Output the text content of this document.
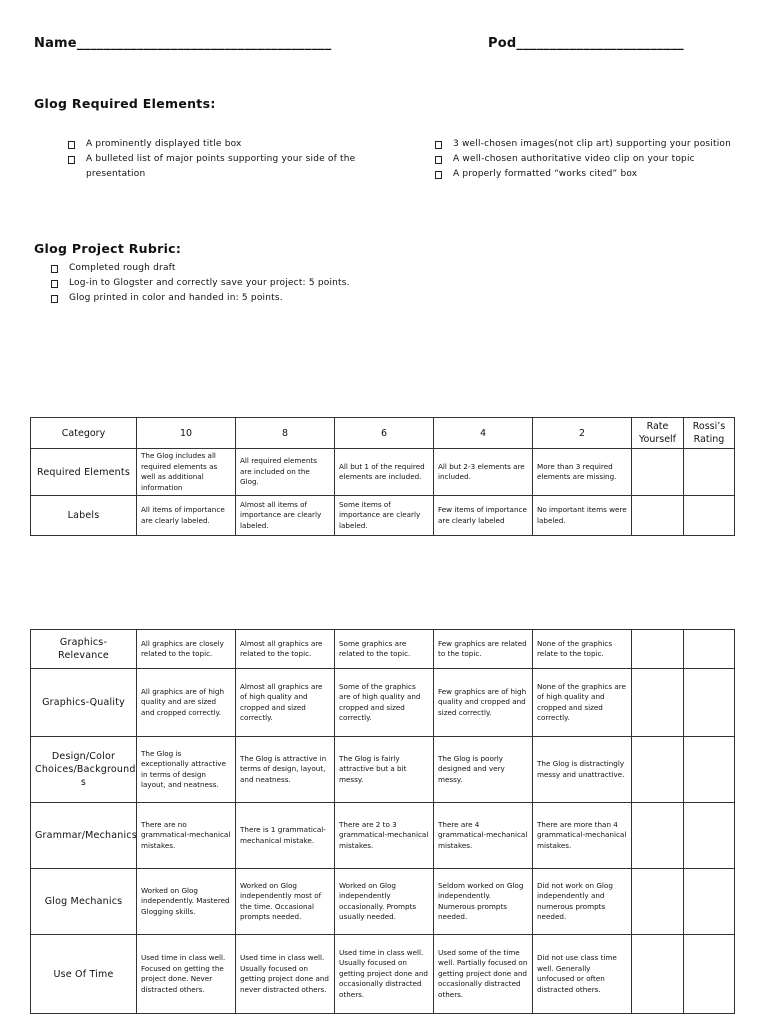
Name______________________________________	Pod_________________________
Glog Required Elements:
A prominently displayed title box
A bulleted list of major points supporting your side of the presentation
3 well-chosen images(not clip art) supporting your position
A well-chosen authoritative video clip on your topic
A properly formatted “works cited” box
Glog Project Rubric:
Completed rough draft
Log-in to Glogster and correctly save your project: 5 points.
Glog printed in color and handed in: 5 points.
Category	10	8	6	4	2	Rate Yourself	Rossi’s Rating
Required Elements	The Glog includes all required elements as well as additional information	All required elements are included on the Glog.	All but 1 of the required elements are included.	All but 2-3 elements are included.	More than 3 required elements are missing.		
Labels	All items of importance are clearly labeled.	Almost all items of importance are clearly labeled.	Some items of importance are clearly labeled.	Few items of importance are clearly labeled	No important items were labeled.		
Graphics-Relevance	All graphics are closely related to the topic.	Almost all graphics are related to the topic.	Some graphics are related to the topic.	Few graphics are related to the topic.	None of the graphics relate to the topic.		
Graphics-Quality	All graphics are of high quality and are sized and cropped correctly.	Almost all graphics are of high quality and cropped and sized correctly.	Some of the graphics are of high quality and cropped and sized correctly.	Few graphics are of high quality and cropped and sized correctly.	None of the graphics are of high quality and cropped and sized correctly.		
Design/Color Choices/Background s	The Glog is exceptionally attractive in terms of design layout, and neatness.	The Glog is attractive in terms of design, layout, and neatness.	The Glog is fairly attractive but a bit messy.	The Glog is poorly designed and very messy.	The Glog is distractingly messy and unattractive.		
Grammar/Mechanics	There are no grammatical-mechanical mistakes.	There is 1 grammatical-mechanical mistake.	There are 2 to 3 grammatical-mechanical mistakes.	There are 4 grammatical-mechanical mistakes.	There are more than 4 grammatical-mechanical mistakes.		
Glog Mechanics	Worked on Glog independently. Mastered Glogging skills.	Worked on Glog independently most of the time. Occasional prompts needed.	Worked on Glog independently occasionally. Prompts usually needed.	Seldom worked on Glog independently. Numerous prompts needed.	Did not work on Glog independently and numerous prompts needed.		
Use Of Time	Used time in class well. Focused on getting the project done. Never distracted others.	Used time in class well. Usually focused on getting project done and never distracted others.	Used time in class well. Usually focused on getting project done and occasionally distracted others.	Used some of the time well. Partially focused on getting project done and occasionally distracted others.	Did not use class time well. Generally unfocused or often distracted others.		
